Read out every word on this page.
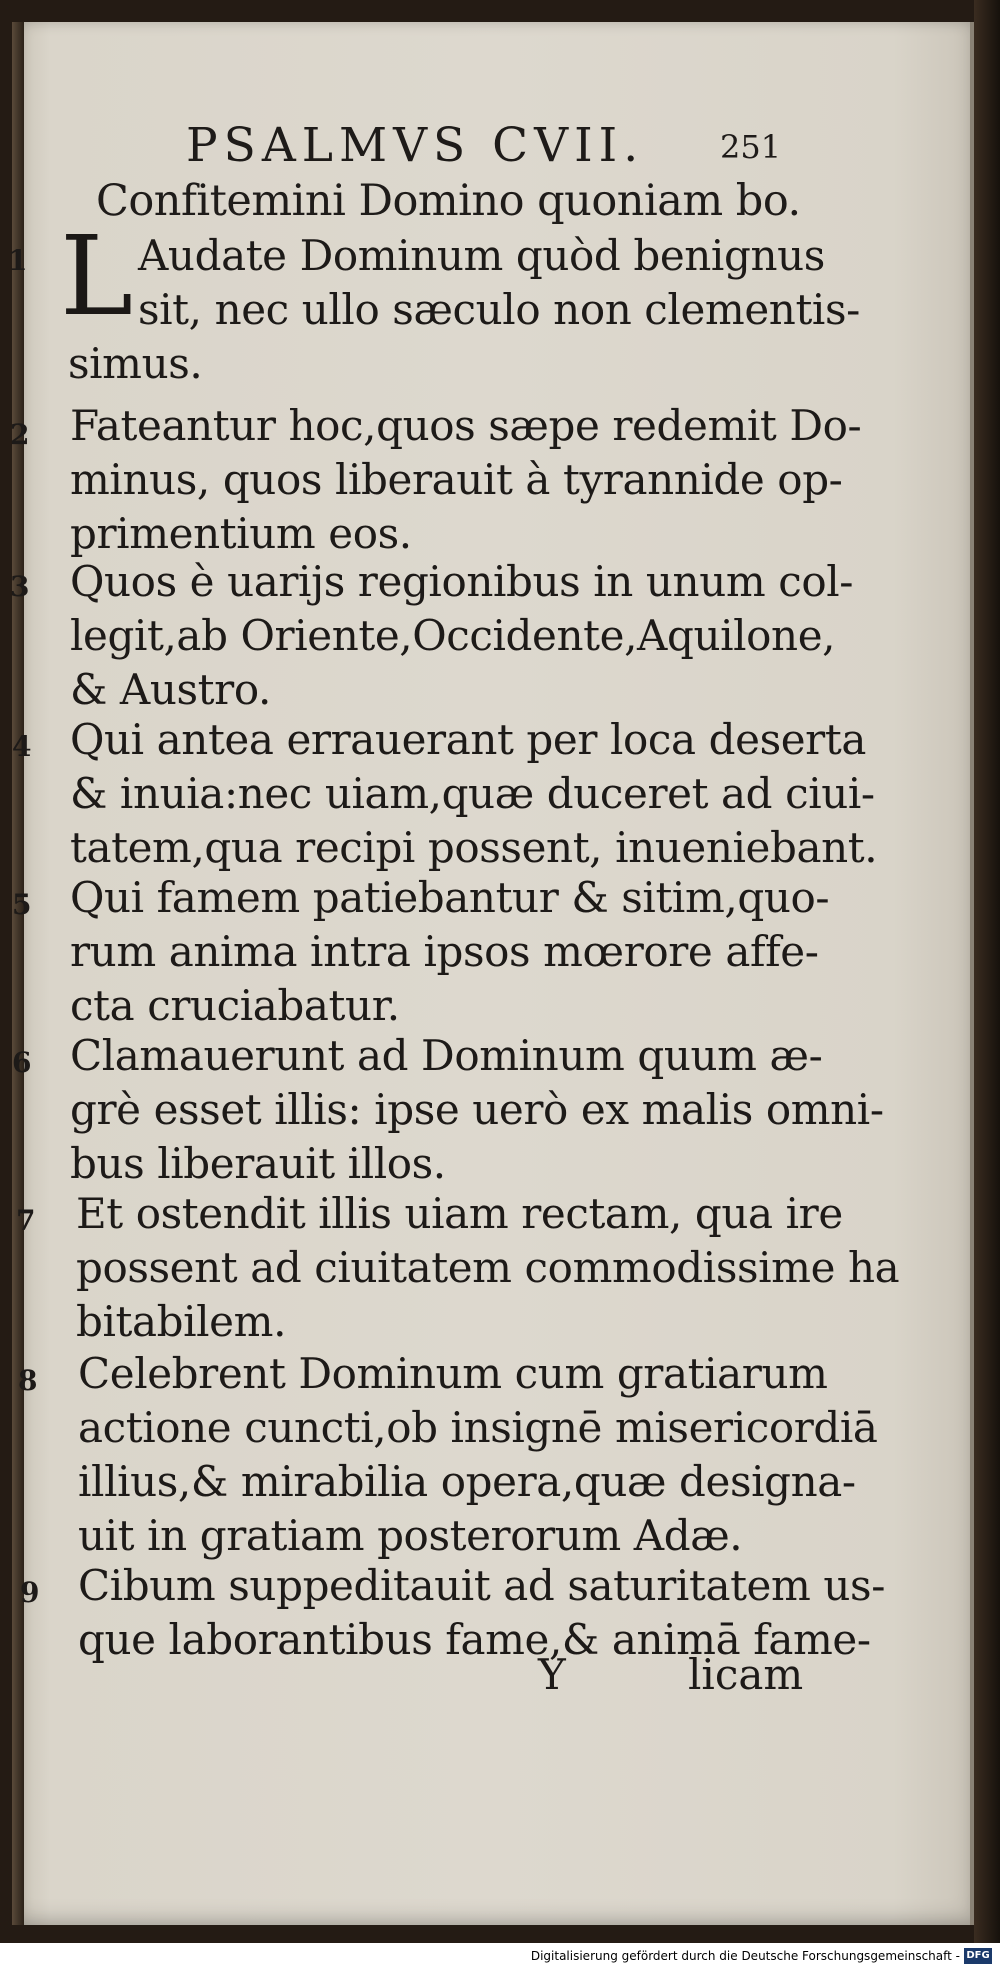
PSALMVS CVII. 251
Confitemini Domino quoniam bo.
L
1
2
3
4
5
6
7
8
9
Audate Dominum quòd benignus
sit, nec ullo sæculo non clementis-
simus.
Fateantur hoc,quos sæpe redemit Do-
minus, quos liberauit à tyrannide op-
primentium eos.
Quos è uarijs regionibus in unum col-
legit,ab Oriente,Occidente,Aquilone,
& Austro.
Qui antea errauerant per loca deserta
& inuia:nec uiam,quæ duceret ad ciui-
tatem,qua recipi possent, inueniebant.
Qui famem patiebantur & sitim,quo-
rum anima intra ipsos mœrore affe-
cta cruciabatur.
Clamauerunt ad Dominum quum æ-
grè esset illis: ipse uerò ex malis omni-
bus liberauit illos.
Et ostendit illis uiam rectam, qua ire
possent ad ciuitatem commodissime ha
bitabilem.
Celebrent Dominum cum gratiarum
actione cuncti,ob insignē misericordiā
illius,& mirabilia opera,quæ designa-
uit in gratiam posterorum Adæ.
Cibum suppeditauit ad saturitatem us-
que laborantibus fame,& animā fame-
Y	licam
Digitalisierung gefördert durch die Deutsche Forschungsgemeinschaft - DFG
